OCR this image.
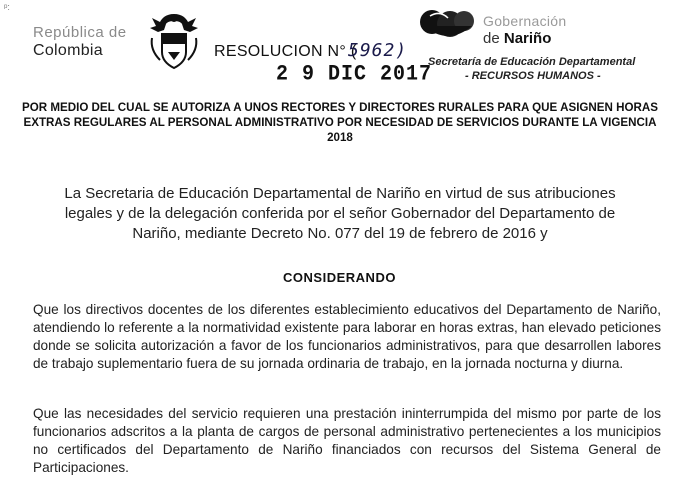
ᵖ:
República de
Colombia	RESOLUCION N° (
5962)
2 9 DIC 2017
Gobernación
de Nariño
Secretaría de Educación Departamental
- RECURSOS HUMANOS -
POR MEDIO DEL CUAL SE AUTORIZA A UNOS RECTORES Y DIRECTORES RURALES PARA QUE ASIGNEN HORAS EXTRAS REGULARES AL PERSONAL ADMINISTRATIVO POR NECESIDAD DE SERVICIOS DURANTE LA VIGENCIA 2018
La Secretaria de Educación Departamental de Nariño en virtud de sus atribuciones legales y de la delegación conferida por el señor Gobernador del Departamento de Nariño, mediante Decreto No. 077 del 19 de febrero de 2016 y
CONSIDERANDO
Que los directivos docentes de los diferentes establecimiento educativos del Departamento de Nariño, atendiendo lo referente a la normatividad existente para laborar en horas extras, han elevado peticiones donde se solicita autorización a favor de los funcionarios administrativos, para que desarrollen labores de trabajo suplementario fuera de su jornada ordinaria de trabajo, en la jornada nocturna y diurna.
Que las necesidades del servicio requieren una prestación ininterrumpida del mismo por parte de los funcionarios adscritos a la planta de cargos de personal administrativo pertenecientes a los municipios no certificados del Departamento de Nariño financiados con recursos del Sistema General de Participaciones.
